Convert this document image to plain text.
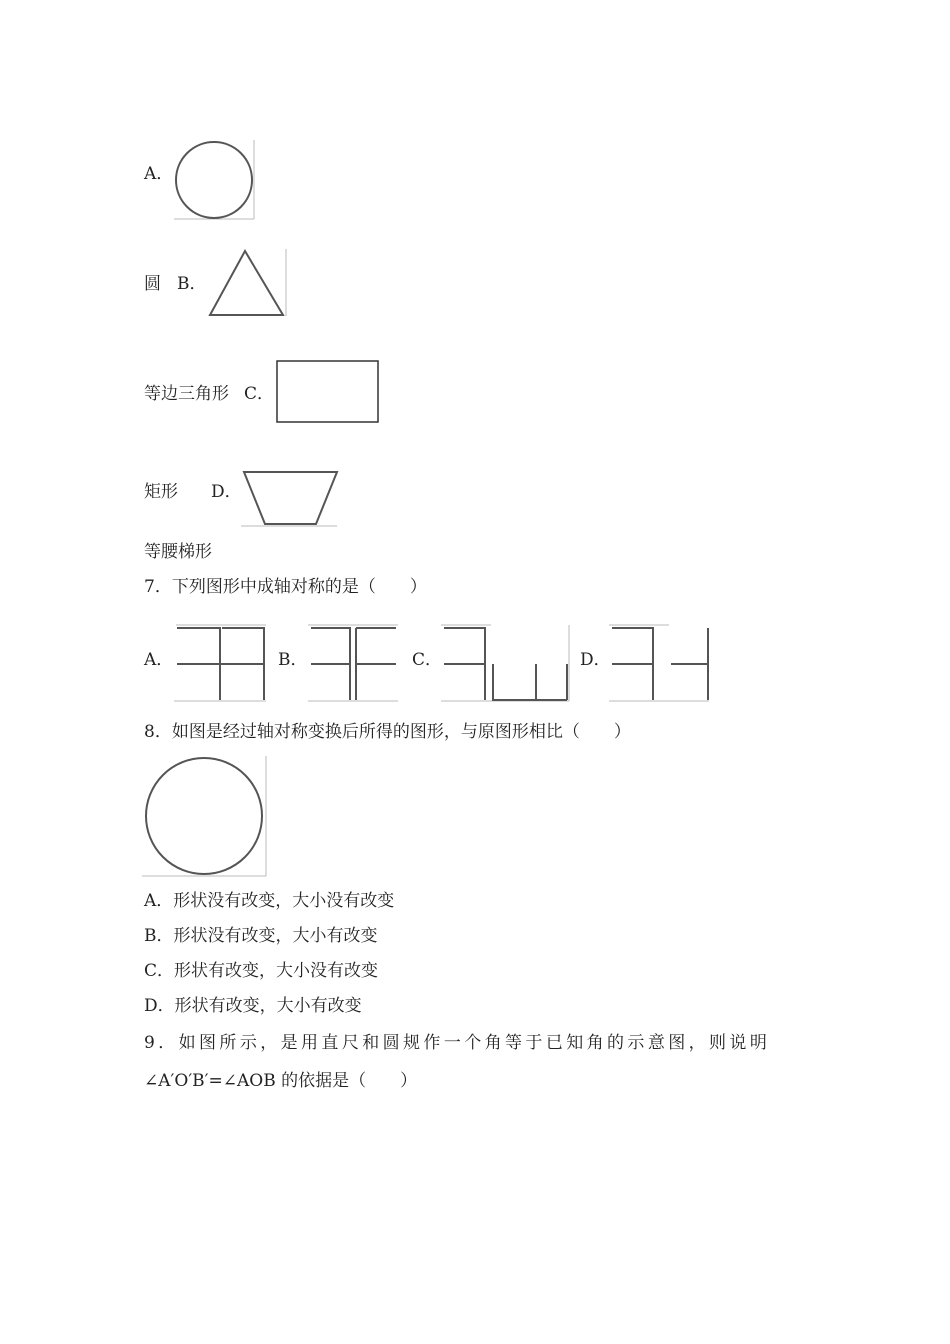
A．
圆 B．
等边三角形 C．
矩形 D．
等腰梯形
7．下列图形中成轴对称的是（　　）
A．	B．	C．	D．
8．如图是经过轴对称变换后所得的图形，与原图形相比（　　）
A．形状没有改变，大小没有改变
B．形状没有改变，大小有改变
C．形状有改变，大小没有改变
D．形状有改变，大小有改变
9．如图所示，是用直尺和圆规作一个角等于已知角的示意图，则说明
∠A′O′B′=∠AOB 的依据是（　　）
